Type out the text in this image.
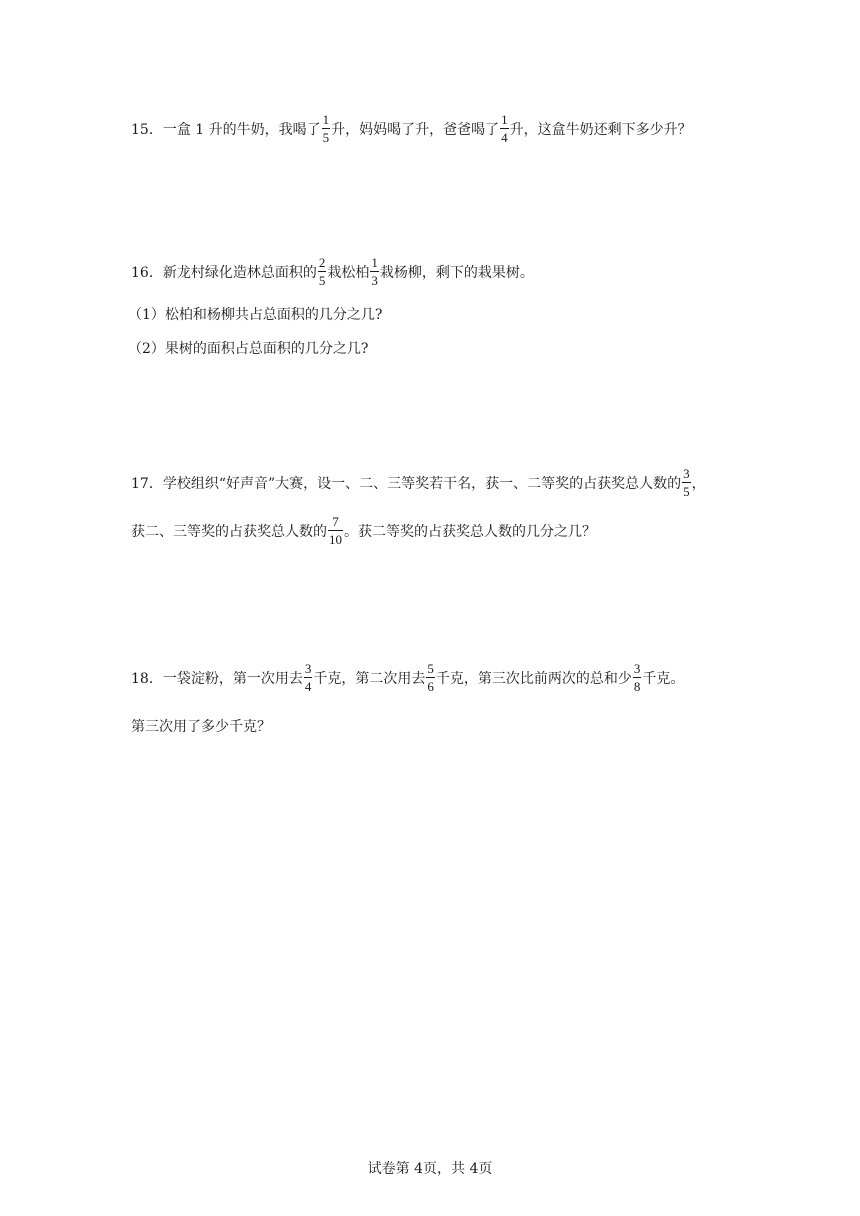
15．一盒 1 升的牛奶，我喝了 $\frac{1}{5}$ 升，妈妈喝了升，爸爸喝了 $\frac{1}{4}$ 升，这盒牛奶还剩下多少升？
16．新龙村绿化造林总面积的 $\frac{2}{5}$ 栽松柏 $\frac{1}{3}$ 栽杨柳，剩下的栽果树。
（1）松柏和杨柳共占总面积的几分之几?
（2）果树的面积占总面积的几分之几?
17．学校组织“好声音”大赛，设一、二、三等奖若干名，获一、二等奖的占获奖总人数的 $\frac{3}{5}$ ，
获二、三等奖的占获奖总人数的 $\frac{7}{10}$ 。获二等奖的占获奖总人数的几分之几？
18．一袋淀粉，第一次用去 $\frac{3}{4}$ 千克，第二次用去 $\frac{5}{6}$ 千克，第三次比前两次的总和少 $\frac{3}{8}$ 千克。
第三次用了多少千克？
试卷第 4页，共 4页
